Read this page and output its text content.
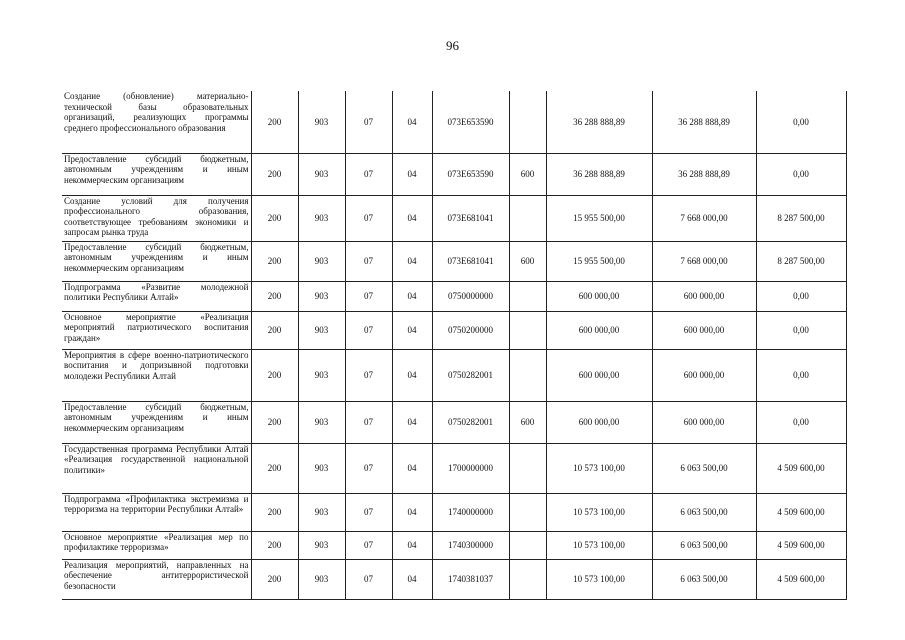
96
Создание (обновление) материально-технической базы образовательных организаций, реализующих программы среднего профессионального образования	200	903	07	04	073Е653590		36 288 888,89	36 288 888,89	0,00
Предоставление субсидий бюджетным, автономным учреждениям и иным некоммерческим организациям	200	903	07	04	073Е653590	600	36 288 888,89	36 288 888,89	0,00
Создание условий для получения профессионального образования, соответствующее требованиям экономики и запросам рынка труда	200	903	07	04	073Е681041		15 955 500,00	7 668 000,00	8 287 500,00
Предоставление субсидий бюджетным, автономным учреждениям и иным некоммерческим организациям	200	903	07	04	073Е681041	600	15 955 500,00	7 668 000,00	8 287 500,00
Подпрограмма «Развитие молодежной политики Республики Алтай»	200	903	07	04	0750000000		600 000,00	600 000,00	0,00
Основное мероприятие «Реализация мероприятий патриотического воспитания граждан»	200	903	07	04	0750200000		600 000,00	600 000,00	0,00
Мероприятия в сфере военно-патриотического воспитания и допризывной подготовки молодежи Республики Алтай	200	903	07	04	0750282001		600 000,00	600 000,00	0,00
Предоставление субсидий бюджетным, автономным учреждениям и иным некоммерческим организациям	200	903	07	04	0750282001	600	600 000,00	600 000,00	0,00
Государственная программа Республики Алтай «Реализация государственной национальной политики»	200	903	07	04	1700000000		10 573 100,00	6 063 500,00	4 509 600,00
Подпрограмма «Профилактика экстремизма и терроризма на территории Республики Алтай»	200	903	07	04	1740000000		10 573 100,00	6 063 500,00	4 509 600,00
Основное мероприятие «Реализация мер по профилактике терроризма»	200	903	07	04	1740300000		10 573 100,00	6 063 500,00	4 509 600,00
Реализация мероприятий, направленных на обеспечение антитеррористической безопасности	200	903	07	04	1740381037		10 573 100,00	6 063 500,00	4 509 600,00
